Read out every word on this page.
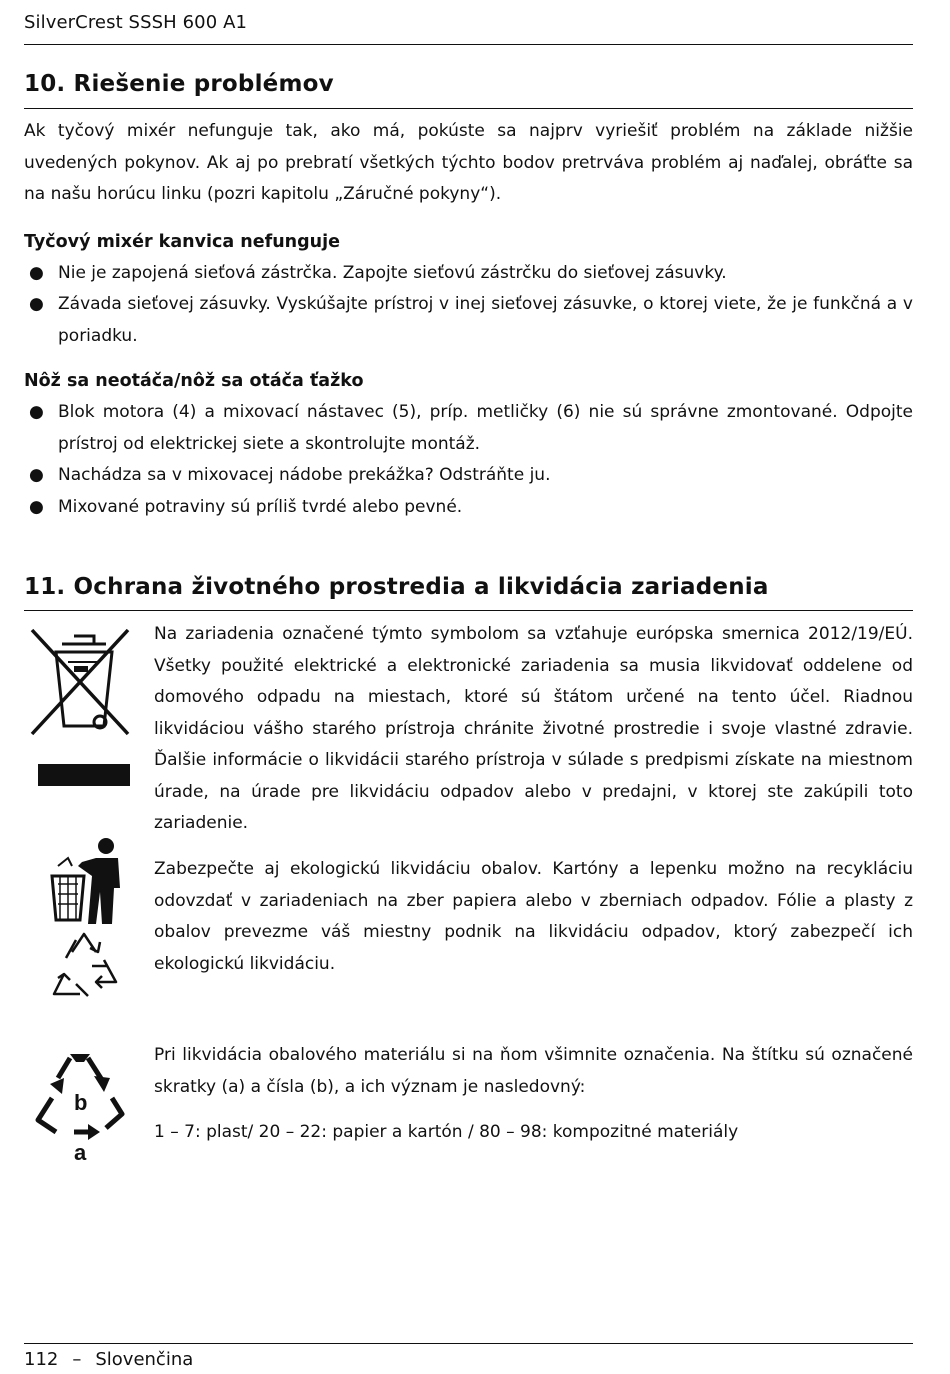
SilverCrest SSSH 600 A1
10. Riešenie problémov

Ak tyčový mixér nefunguje tak, ako má, pokúste sa najprv vyriešiť problém na základe nižšie uvedených pokynov. Ak aj po prebratí všetkých týchto bodov pretrváva problém aj naďalej, obráťte sa na našu horúcu linku (pozri kapitolu „Záručné pokyny“).

Tyčový mixér kanvica nefunguje
● Nie je zapojená sieťová zástrčka. Zapojte sieťovú zástrčku do sieťovej zásuvky.
● Závada sieťovej zásuvky. Vyskúšajte prístroj v inej sieťovej zásuvke, o ktorej viete, že je funkčná a v poriadku.
Nôž sa neotáča/nôž sa otáča ťažko
● Blok motora (4) a mixovací nástavec (5), príp. metličky (6) nie sú správne zmontované. Odpojte prístroj od elektrickej siete a skontrolujte montáž.
● Nachádza sa v mixovacej nádobe prekážka? Odstráňte ju.
● Mixované potraviny sú príliš tvrdé alebo pevné.
11. Ochrana životného prostredia a likvidácia zariadenia

Na zariadenia označené týmto symbolom sa vzťahuje európska smernica 2012/19/EÚ. Všetky použité elektrické a elektronické zariadenia sa musia likvidovať oddelene od domového odpadu na miestach, ktoré sú štátom určené na tento účel. Riadnou likvidáciou vášho starého prístroja chránite životné prostredie i svoje vlastné zdravie. Ďalšie informácie o likvidácii starého prístroja v súlade s predpismi získate na miestnom úrade, na úrade pre likvidáciu odpadov alebo v predajni, v ktorej ste zakúpili toto zariadenie.

Zabezpečte aj ekologickú likvidáciu obalov. Kartóny a lepenku možno na recykláciu odovzdať v zariadeniach na zber papiera alebo v zberniach odpadov. Fólie a plasty z obalov prevezme váš miestny podnik na likvidáciu odpadov, ktorý zabezpečí ich ekologickú likvidáciu.

b
a

Pri likvidácia obalového materiálu si na ňom všimnite označenia. Na štítku sú označené skratky (a) a čísla (b), a ich význam je nasledovný:

1 – 7: plast/ 20 – 22: papier a kartón / 80 – 98: kompozitné materiály

112 – Slovenčina
